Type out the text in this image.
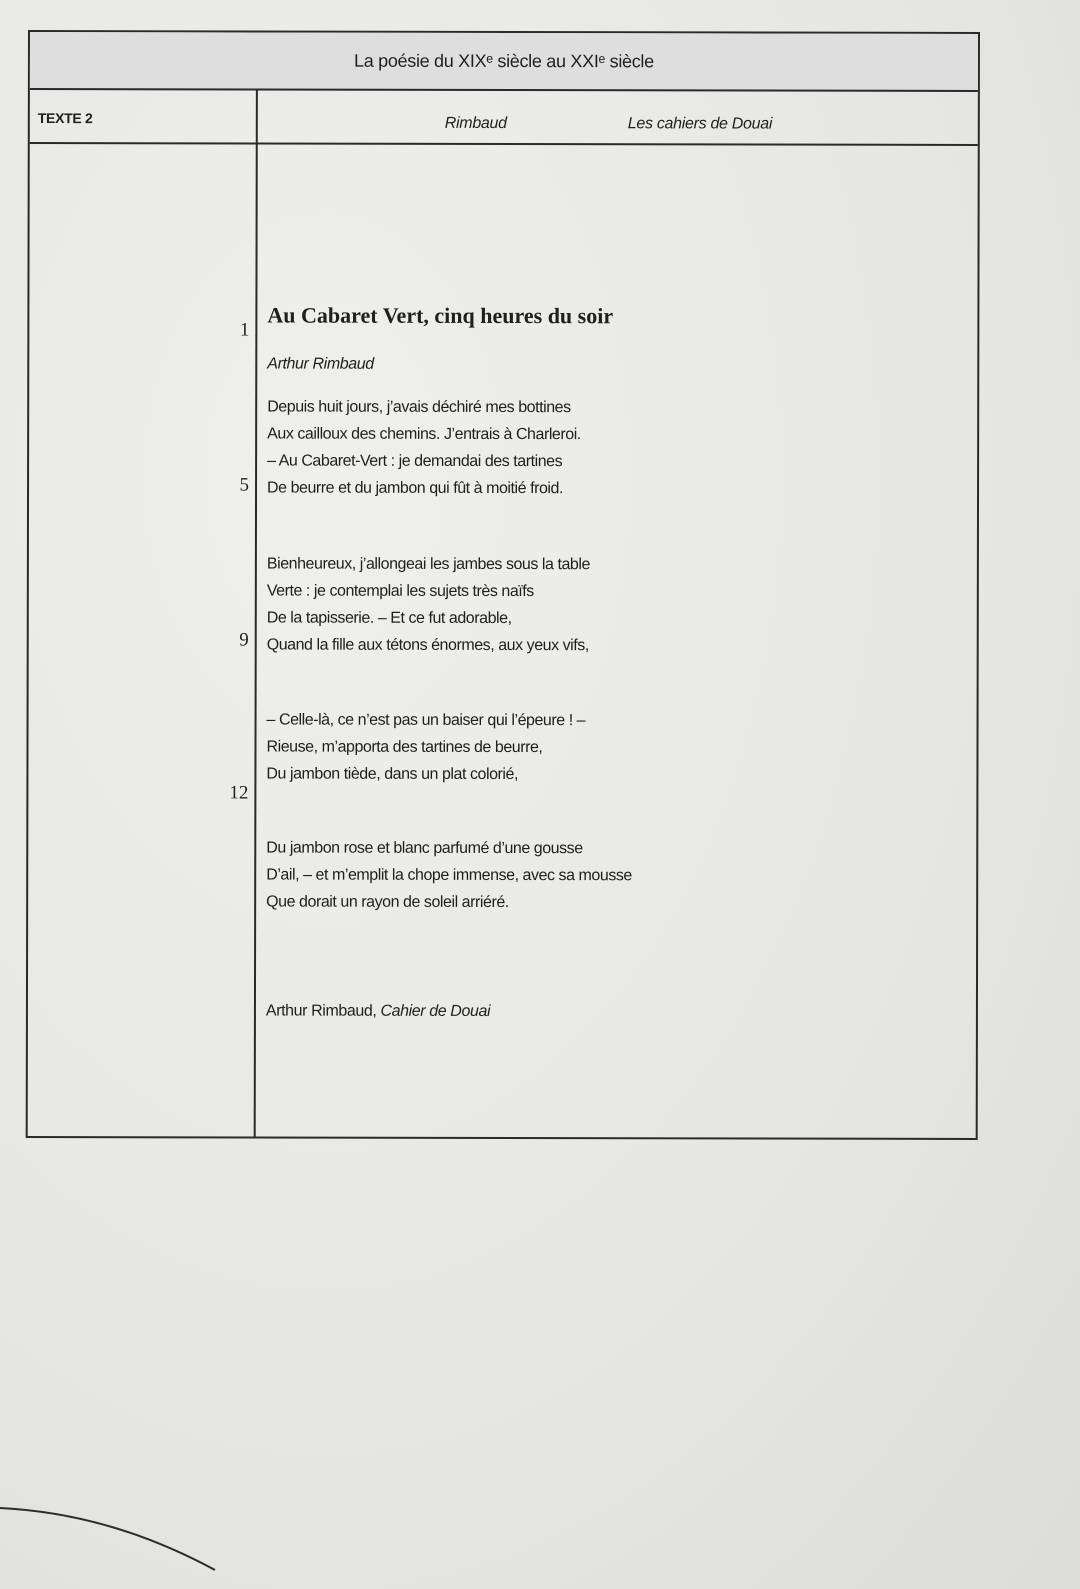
La poésie du XIXᵉ siècle au XXIᵉ siècle
TEXTE 2	Rimbaud	Les cahiers de Douai
1
5
9
12
Au Cabaret Vert, cinq heures du soir
Arthur Rimbaud
Depuis huit jours, j’avais déchiré mes bottines
Aux cailloux des chemins. J’entrais à Charleroi.
– Au Cabaret-Vert : je demandai des tartines
De beurre et du jambon qui fût à moitié froid.
Bienheureux, j’allongeai les jambes sous la table
Verte : je contemplai les sujets très naïfs
De la tapisserie. – Et ce fut adorable,
Quand la fille aux tétons énormes, aux yeux vifs,
– Celle-là, ce n’est pas un baiser qui l’épeure ! –
Rieuse, m’apporta des tartines de beurre,
Du jambon tiède, dans un plat colorié,
Du jambon rose et blanc parfumé d’une gousse
D’ail, – et m’emplit la chope immense, avec sa mousse
Que dorait un rayon de soleil arriéré.
Arthur Rimbaud, Cahier de Douai
